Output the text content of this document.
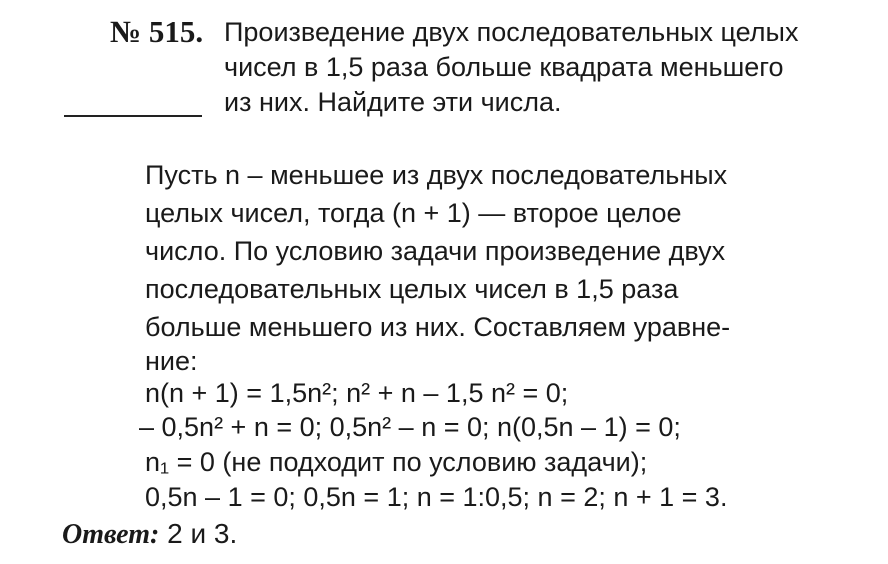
№ 515. Произведение двух последовательных целых
чисел в 1,5 раза больше квадрата меньшего
из них. Найдите эти числа.
Пусть n – меньшее из двух последовательных
целых чисел, тогда (n + 1) — второе целое
число. По условию задачи произведение двух
последовательных целых чисел в 1,5 раза
больше меньшего из них. Составляем уравне-
ние:
n(n + 1) = 1,5n²; n² + n – 1,5 n² = 0;
– 0,5n² + n = 0; 0,5n² – n = 0; n(0,5n – 1) = 0;
n₁ = 0 (не подходит по условию задачи);
0,5n – 1 = 0; 0,5n = 1; n = 1:0,5; n = 2; n + 1 = 3.
Ответ: 2 и 3.
